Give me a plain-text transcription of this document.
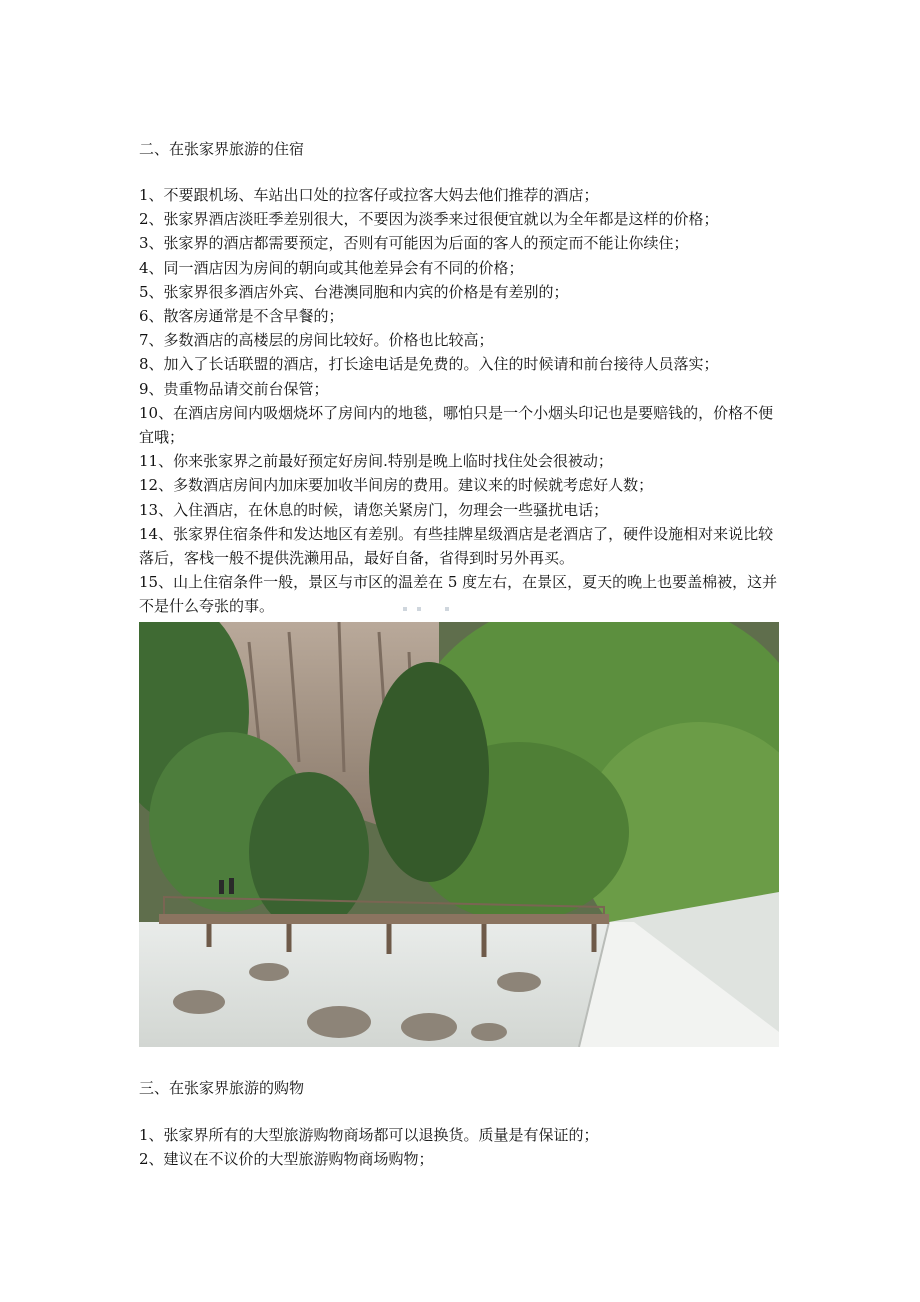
二、在张家界旅游的住宿
1、不要跟机场、车站出口处的拉客仔或拉客大妈去他们推荐的酒店；
2、张家界酒店淡旺季差别很大，不要因为淡季来过很便宜就以为全年都是这样的价格；
3、张家界的酒店都需要预定，否则有可能因为后面的客人的预定而不能让你续住；
4、同一酒店因为房间的朝向或其他差异会有不同的价格；
5、张家界很多酒店外宾、台港澳同胞和内宾的价格是有差别的；
6、散客房通常是不含早餐的；
7、多数酒店的高楼层的房间比较好。价格也比较高；
8、加入了长话联盟的酒店，打长途电话是免费的。入住的时候请和前台接待人员落实；
9、贵重物品请交前台保管；
10、在酒店房间内吸烟烧坏了房间内的地毯，哪怕只是一个小烟头印记也是要赔钱的，价格不便宜哦；
11、你来张家界之前最好预定好房间.特别是晚上临时找住处会很被动；
12、多数酒店房间内加床要加收半间房的费用。建议来的时候就考虑好人数；
13、入住酒店，在休息的时候，请您关紧房门，勿理会一些骚扰电话；
14、张家界住宿条件和发达地区有差别。有些挂牌星级酒店是老酒店了，硬件设施相对来说比较落后，客栈一般不提供洗濑用品，最好自备，省得到时另外再买。
15、山上住宿条件一般，景区与市区的温差在 5 度左右，在景区，夏天的晚上也要盖棉被，这并不是什么夸张的事。
三、在张家界旅游的购物
1、张家界所有的大型旅游购物商场都可以退换货。质量是有保证的；
2、建议在不议价的大型旅游购物商场购物；
